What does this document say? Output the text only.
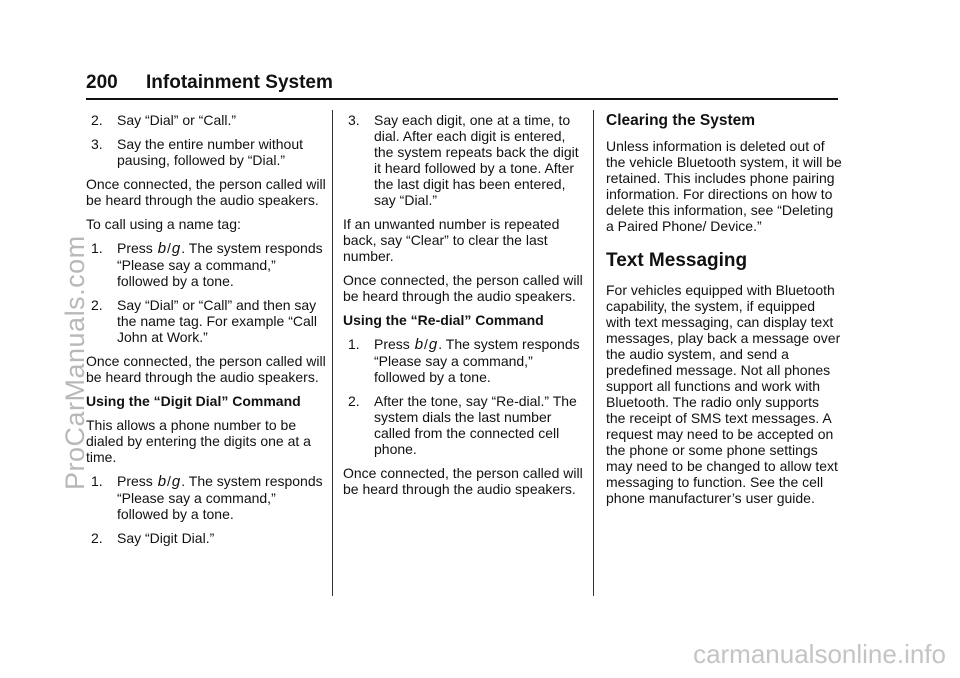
200 Infotainment System
2. Say “Dial” or “Call.”
3. Say the entire number without pausing, followed by “Dial.”

Once connected, the person called will be heard through the audio speakers.

To call using a name tag:

1. Press b/g. The system responds “Please say a command,” followed by a tone.
2. Say “Dial” or “Call” and then say the name tag. For example “Call John at Work.”

Once connected, the person called will be heard through the audio speakers.

Using the “Digit Dial” Command

This allows a phone number to be dialed by entering the digits one at a time.

1. Press b/g. The system responds “Please say a command,” followed by a tone.
2. Say “Digit Dial.”
3. Say each digit, one at a time, to dial. After each digit is entered, the system repeats back the digit it heard followed by a tone. After the last digit has been entered, say “Dial.”

If an unwanted number is repeated back, say “Clear” to clear the last number.

Once connected, the person called will be heard through the audio speakers.

Using the “Re-dial” Command

1. Press b/g. The system responds “Please say a command,” followed by a tone.
2. After the tone, say “Re-dial.” The system dials the last number called from the connected cell phone.

Once connected, the person called will be heard through the audio speakers.

Clearing the System

Unless information is deleted out of the vehicle Bluetooth system, it will be retained. This includes phone pairing information. For directions on how to delete this information, see “Deleting a Paired Phone/ Device.”

Text Messaging

For vehicles equipped with Bluetooth capability, the system, if equipped with text messaging, can display text messages, play back a message over the audio system, and send a predefined message. Not all phones support all functions and work with Bluetooth. The radio only supports the receipt of SMS text messages. A request may need to be accepted on the phone or some phone settings may need to be changed to allow text messaging to function. See the cell phone manufacturer’s user guide.

ProCarManuals.com
carmanualsonline.info
